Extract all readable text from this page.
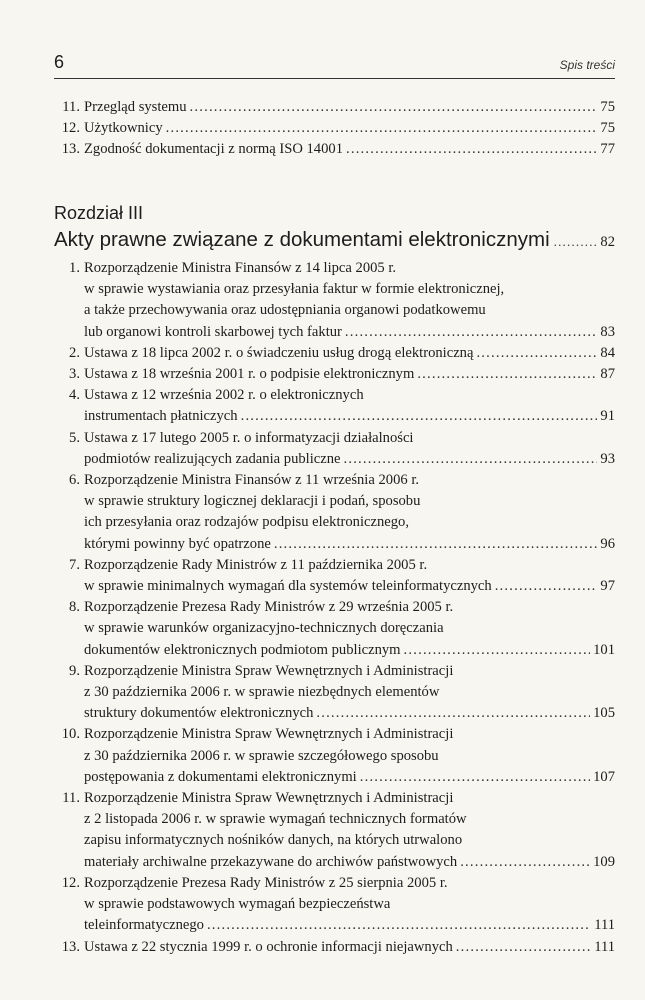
6	Spis treści
11. Przegląd systemu .....	75
12. Użytkownicy .....	75
13. Zgodność dokumentacji z normą ISO 14001 .....	77
Rozdział III
Akty prawne związane z dokumentami elektronicznymi .....	82
1. Rozporządzenie Ministra Finansów z 14 lipca 2005 r.
w sprawie wystawiania oraz przesyłania faktur w formie elektronicznej,
a także przechowywania oraz udostępniania organowi podatkowemu
lub organowi kontroli skarbowej tych faktur .....	83
2. Ustawa z 18 lipca 2002 r. o świadczeniu usług drogą elektroniczną .....	84
3. Ustawa z 18 września 2001 r. o podpisie elektronicznym .....	87
4. Ustawa z 12 września 2002 r. o elektronicznych
instrumentach płatniczych .....	91
5. Ustawa z 17 lutego 2005 r. o informatyzacji działalności
podmiotów realizujących zadania publiczne .....	93
6. Rozporządzenie Ministra Finansów z 11 września 2006 r.
w sprawie struktury logicznej deklaracji i podań, sposobu
ich przesyłania oraz rodzajów podpisu elektronicznego,
którymi powinny być opatrzone .....	96
7. Rozporządzenie Rady Ministrów z 11 października 2005 r.
w sprawie minimalnych wymagań dla systemów teleinformatycznych .....	97
8. Rozporządzenie Prezesa Rady Ministrów z 29 września 2005 r.
w sprawie warunków organizacyjno-technicznych doręczania
dokumentów elektronicznych podmiotom publicznym .....	101
9. Rozporządzenie Ministra Spraw Wewnętrznych i Administracji
z 30 października 2006 r. w sprawie niezbędnych elementów
struktury dokumentów elektronicznych .....	105
10. Rozporządzenie Ministra Spraw Wewnętrznych i Administracji
z 30 października 2006 r. w sprawie szczegółowego sposobu
postępowania z dokumentami elektronicznymi .....	107
11. Rozporządzenie Ministra Spraw Wewnętrznych i Administracji
z 2 listopada 2006 r. w sprawie wymagań technicznych formatów
zapisu informatycznych nośników danych, na których utrwalono
materiały archiwalne przekazywane do archiwów państwowych .....	109
12. Rozporządzenie Prezesa Rady Ministrów z 25 sierpnia 2005 r.
w sprawie podstawowych wymagań bezpieczeństwa
teleinformatycznego .....	111
13. Ustawa z 22 stycznia 1999 r. o ochronie informacji niejawnych .....	111
